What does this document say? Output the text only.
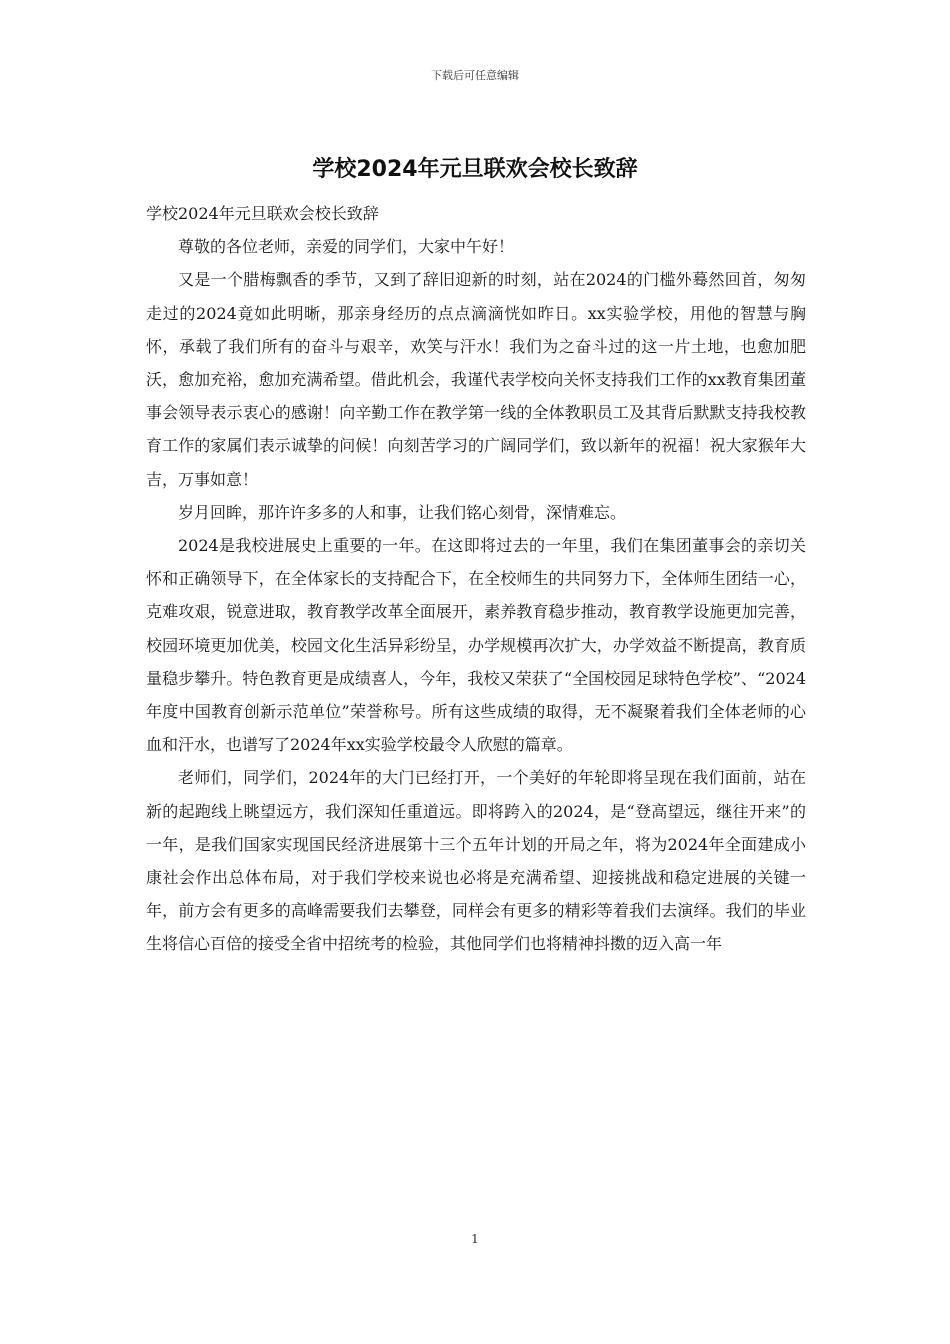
下载后可任意编辑
学校2024年元旦联欢会校长致辞

学校2024年元旦联欢会校长致辞

尊敬的各位老师，亲爱的同学们，大家中午好！

又是一个腊梅飘香的季节，又到了辞旧迎新的时刻，站在2024的门槛外蓦然回首，匆匆走过的2024竟如此明晰，那亲身经历的点点滴滴恍如昨日。xx实验学校，用他的智慧与胸怀，承载了我们所有的奋斗与艰辛，欢笑与汗水！我们为之奋斗过的这一片土地，也愈加肥沃，愈加充裕，愈加充满希望。借此机会，我谨代表学校向关怀支持我们工作的xx教育集团董事会领导表示衷心的感谢！向辛勤工作在教学第一线的全体教职员工及其背后默默支持我校教育工作的家属们表示诚挚的问候！向刻苦学习的广阔同学们，致以新年的祝福！祝大家猴年大吉，万事如意！

岁月回眸，那许许多多的人和事，让我们铭心刻骨，深情难忘。

2024是我校进展史上重要的一年。在这即将过去的一年里，我们在集团董事会的亲切关怀和正确领导下，在全体家长的支持配合下，在全校师生的共同努力下，全体师生团结一心，克难攻艰，锐意进取，教育教学改革全面展开，素养教育稳步推动，教育教学设施更加完善，校园环境更加优美，校园文化生活异彩纷呈，办学规模再次扩大，办学效益不断提高，教育质量稳步攀升。特色教育更是成绩喜人，今年，我校又荣获了“全国校园足球特色学校”、“2024年度中国教育创新示范单位”荣誉称号。所有这些成绩的取得，无不凝聚着我们全体老师的心血和汗水，也谱写了2024年xx实验学校最令人欣慰的篇章。

老师们，同学们，2024年的大门已经打开，一个美好的年轮即将呈现在我们面前，站在新的起跑线上眺望远方，我们深知任重道远。即将跨入的2024，是“登高望远，继往开来”的一年，是我们国家实现国民经济进展第十三个五年计划的开局之年，将为2024年全面建成小康社会作出总体布局，对于我们学校来说也必将是充满希望、迎接挑战和稳定进展的关键一年，前方会有更多的高峰需要我们去攀登，同样会有更多的精彩等着我们去演绎。我们的毕业生将信心百倍的接受全省中招统考的检验，其他同学们也将精神抖擞的迈入高一年

1
